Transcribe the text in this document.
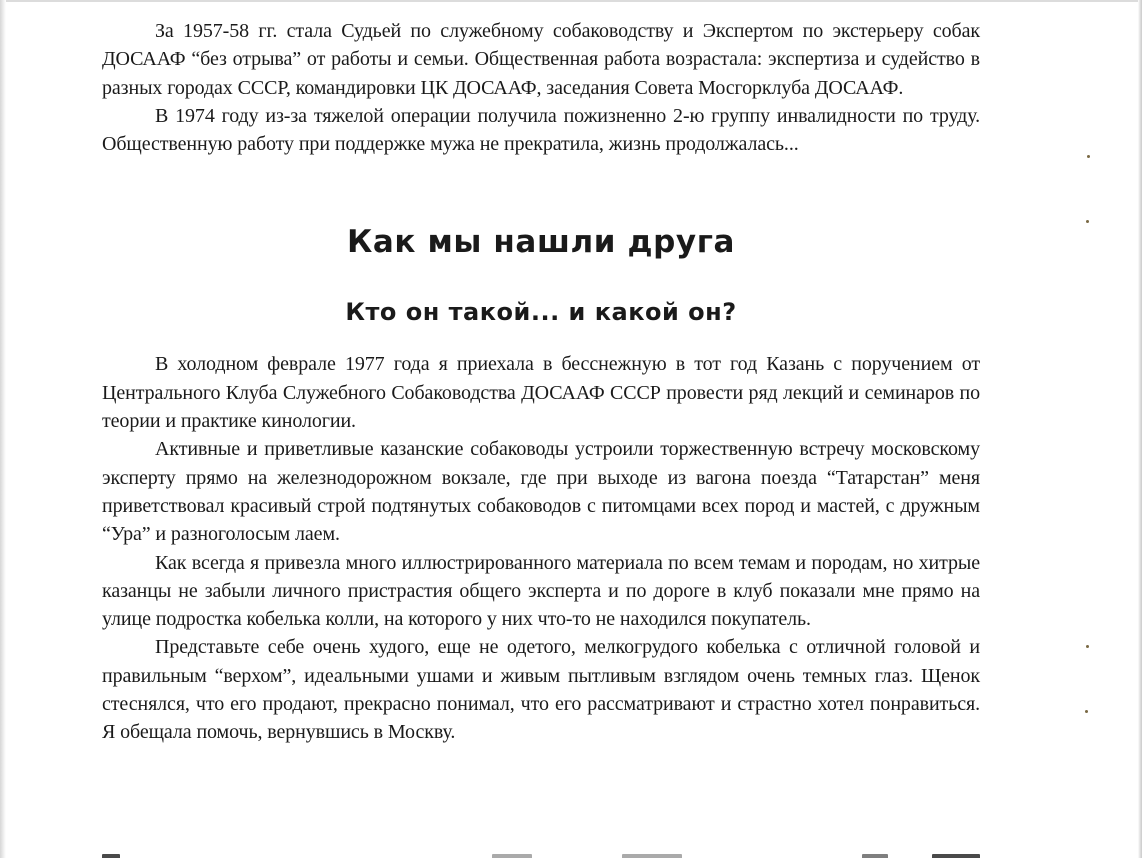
За 1957-58 гг. стала Судьей по служебному собаководству и Экспертом по экстерьеру собак ДОСААФ “без отрыва” от работы и семьи. Общественная работа возрастала: экспертиза и судейство в разных городах СССР, командировки ЦК ДОСААФ, заседания Совета Мосгорклуба ДОСААФ.

В 1974 году из-за тяжелой операции получила пожизненно 2-ю группу инвалидности по труду. Общественную работу при поддержке мужа не прекратила, жизнь продолжалась...

Как мы нашли друга
Кто он такой... и какой он?

В холодном феврале 1977 года я приехала в бесснежную в тот год Казань с поручением от Центрального Клуба Служебного Собаководства ДОСААФ СССР провести ряд лекций и семинаров по теории и практике кинологии.

Активные и приветливые казанские собаководы устроили торжественную встречу московскому эксперту прямо на железнодорожном вокзале, где при выходе из вагона поезда “Татарстан” меня приветствовал красивый строй подтянутых собаководов с питомцами всех пород и мастей, с дружным “Ура” и разноголосым лаем.

Как всегда я привезла много иллюстрированного материала по всем темам и породам, но хитрые казанцы не забыли личного пристрастия общего эксперта и по дороге в клуб показали мне прямо на улице подростка кобелька колли, на которого у них что-то не находился покупатель.

Представьте себе очень худого, еще не одетого, мелкогрудого кобелька с отличной головой и правильным “верхом”, идеальными ушами и живым пытливым взглядом очень темных глаз. Щенок стеснялся, что его продают, прекрасно понимал, что его рассматривают и страстно хотел понравиться. Я обещала помочь, вернувшись в Москву.
